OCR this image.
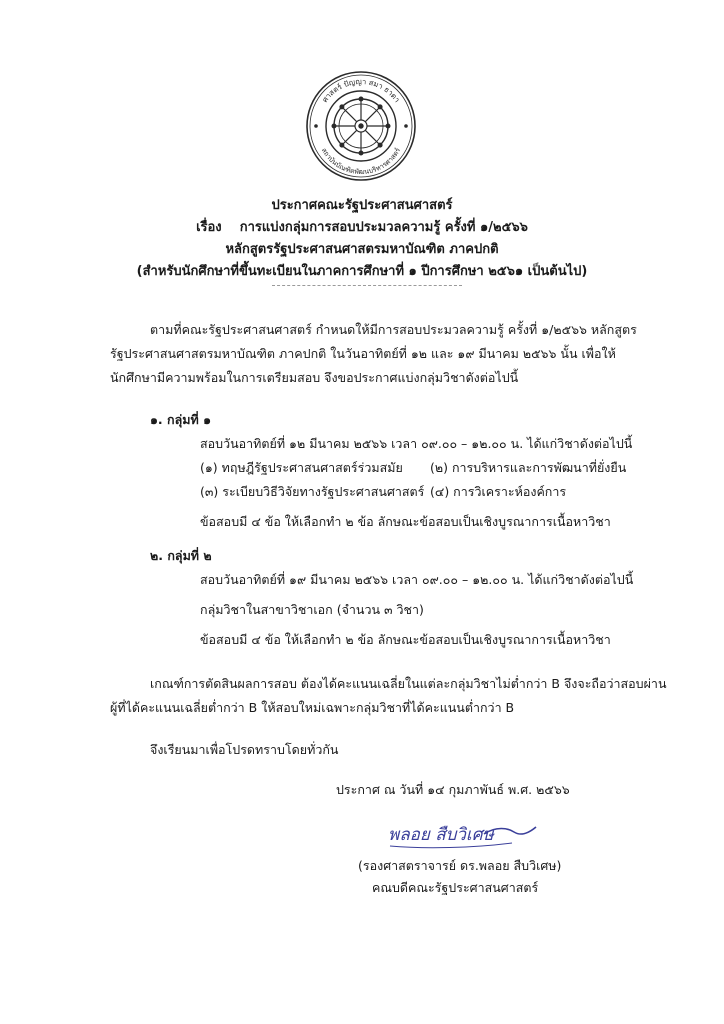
ศาสตร์ ปัญญา สมา ธาตา
สถาบันบัณฑิตพัฒนบริหารศาสตร์
ประกาศคณะรัฐประศาสนศาสตร์
เรื่อง การแบ่งกลุ่มการสอบประมวลความรู้ ครั้งที่ ๑/๒๕๖๖
หลักสูตรรัฐประศาสนศาสตรมหาบัณฑิต ภาคปกติ
(สำหรับนักศึกษาที่ขึ้นทะเบียนในภาคการศึกษาที่ ๑ ปีการศึกษา ๒๕๖๑ เป็นต้นไป)
ตามที่คณะรัฐประศาสนศาสตร์ กำหนดให้มีการสอบประมวลความรู้ ครั้งที่ ๑/๒๕๖๖ หลักสูตร
รัฐประศาสนศาสตรมหาบัณฑิต ภาคปกติ ในวันอาทิตย์ที่ ๑๒ และ ๑๙ มีนาคม ๒๕๖๖ นั้น เพื่อให้
นักศึกษามีความพร้อมในการเตรียมสอบ จึงขอประกาศแบ่งกลุ่มวิชาดังต่อไปนี้
๑. กลุ่มที่ ๑
สอบวันอาทิตย์ที่ ๑๒ มีนาคม ๒๕๖๖ เวลา ๐๙.๐๐ – ๑๒.๐๐ น. ได้แก่วิชาดังต่อไปนี้
(๑) ทฤษฎีรัฐประศาสนศาสตร์ร่วมสมัย (๒) การบริหารและการพัฒนาที่ยั่งยืน
(๓) ระเบียบวิธีวิจัยทางรัฐประศาสนศาสตร์ (๔) การวิเคราะห์องค์การ
ข้อสอบมี ๔ ข้อ ให้เลือกทำ ๒ ข้อ ลักษณะข้อสอบเป็นเชิงบูรณาการเนื้อหาวิชา
๒. กลุ่มที่ ๒
สอบวันอาทิตย์ที่ ๑๙ มีนาคม ๒๕๖๖ เวลา ๐๙.๐๐ – ๑๒.๐๐ น. ได้แก่วิชาดังต่อไปนี้
กลุ่มวิชาในสาขาวิชาเอก (จำนวน ๓ วิชา)
ข้อสอบมี ๔ ข้อ ให้เลือกทำ ๒ ข้อ ลักษณะข้อสอบเป็นเชิงบูรณาการเนื้อหาวิชา
เกณฑ์การตัดสินผลการสอบ ต้องได้คะแนนเฉลี่ยในแต่ละกลุ่มวิชาไม่ต่ำกว่า B จึงจะถือว่าสอบผ่าน
ผู้ที่ได้คะแนนเฉลี่ยต่ำกว่า B ให้สอบใหม่เฉพาะกลุ่มวิชาที่ได้คะแนนต่ำกว่า B
จึงเรียนมาเพื่อโปรดทราบโดยทั่วกัน
ประกาศ ณ วันที่ ๑๔ กุมภาพันธ์ พ.ศ. ๒๕๖๖
พลอย สืบวิเศษ
(รองศาสตราจารย์ ดร.พลอย สืบวิเศษ)
คณบดีคณะรัฐประศาสนศาสตร์
